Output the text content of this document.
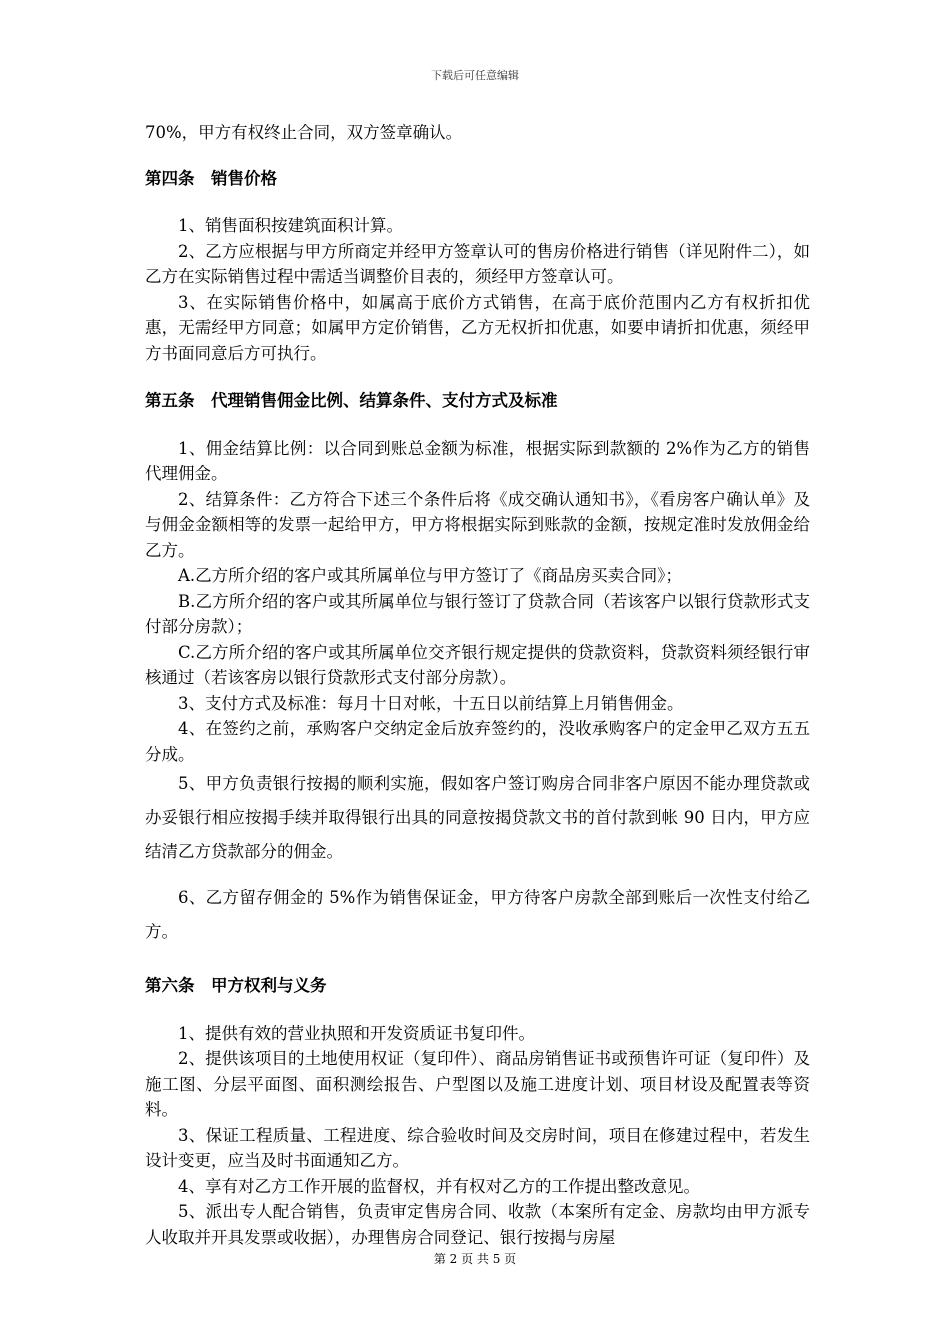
下载后可任意编辑

70%，甲方有权终止合同，双方签章确认。

第四条　销售价格

1、销售面积按建筑面积计算。

2、乙方应根据与甲方所商定并经甲方签章认可的售房价格进行销售（详见附件二），如乙方在实际销售过程中需适当调整价目表的，须经甲方签章认可。

3、在实际销售价格中，如属高于底价方式销售，在高于底价范围内乙方有权折扣优惠，无需经甲方同意；如属甲方定价销售，乙方无权折扣优惠，如要申请折扣优惠，须经甲方书面同意后方可执行。

第五条　代理销售佣金比例、结算条件、支付方式及标准

1、佣金结算比例：以合同到账总金额为标准，根据实际到款额的 2%作为乙方的销售代理佣金。

2、结算条件：乙方符合下述三个条件后将《成交确认通知书》，《看房客户确认单》及与佣金金额相等的发票一起给甲方，甲方将根据实际到账款的金额，按规定准时发放佣金给乙方。

A.乙方所介绍的客户或其所属单位与甲方签订了《商品房买卖合同》；

B.乙方所介绍的客户或其所属单位与银行签订了贷款合同（若该客户以银行贷款形式支付部分房款）；

C.乙方所介绍的客户或其所属单位交齐银行规定提供的贷款资料，贷款资料须经银行审核通过（若该客房以银行贷款形式支付部分房款）。

3、支付方式及标准：每月十日对帐，十五日以前结算上月销售佣金。

4、在签约之前，承购客户交纳定金后放弃签约的，没收承购客户的定金甲乙双方五五分成。

5、甲方负责银行按揭的顺利实施，假如客户签订购房合同非客户原因不能办理贷款或办妥银行相应按揭手续并取得银行出具的同意按揭贷款文书的首付款到帐 90 日内，甲方应结清乙方贷款部分的佣金。

6、乙方留存佣金的 5%作为销售保证金，甲方待客户房款全部到账后一次性支付给乙方。

第六条　甲方权利与义务

1、提供有效的营业执照和开发资质证书复印件。

2、提供该项目的土地使用权证（复印件）、商品房销售证书或预售许可证（复印件）及施工图、分层平面图、面积测绘报告、户型图以及施工进度计划、项目材设及配置表等资料。

3、保证工程质量、工程进度、综合验收时间及交房时间，项目在修建过程中，若发生设计变更，应当及时书面通知乙方。

4、享有对乙方工作开展的监督权，并有权对乙方的工作提出整改意见。

5、派出专人配合销售，负责审定售房合同、收款（本案所有定金、房款均由甲方派专人收取并开具发票或收据），办理售房合同登记、银行按揭与房屋

第 2 页 共 5 页
